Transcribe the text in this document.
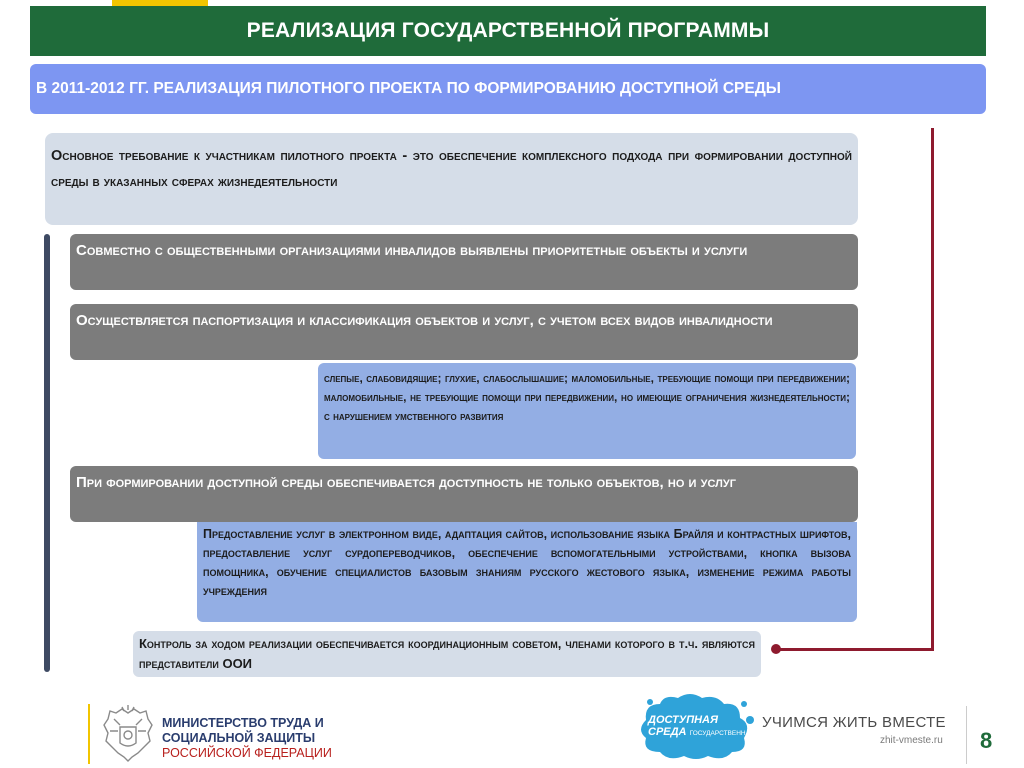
РЕАЛИЗАЦИЯ ГОСУДАРСТВЕННОЙ ПРОГРАММЫ
В 2011-2012 ГГ. РЕАЛИЗАЦИЯ ПИЛОТНОГО ПРОЕКТА ПО ФОРМИРОВАНИЮ ДОСТУПНОЙ СРЕДЫ
Основное требование к участникам пилотного проекта - это обеспечение комплексного подхода при формировании доступной среды в указанных сферах жизнедеятельности
Совместно с общественными организациями инвалидов выявлены приоритетные объекты и услуги
Осуществляется паспортизация и классификация объектов и услуг, с учетом всех видов инвалидности
слепые, слабовидящие; глухие, слабослышашие; маломобильные, требующие помощи при передвижении; маломобильные, не требующие помощи при передвижении, но имеющие ограничения жизнедеятельности; с нарушением умственного развития
При формировании доступной среды обеспечивается доступность не только объектов, но и услуг
Предоставление услуг в электронном виде, адаптация сайтов, использование языка Брайля и контрастных шрифтов, предоставление услуг сурдопереводчиков, обеспечение вспомогательными устройствами, кнопка вызова помощника, обучение специалистов базовым знаниям русского жестового языка, изменение режима работы учреждения
Контроль за ходом реализации обеспечивается координационным советом, членами которого в т.ч. являются представители ООИ
МИНИСТЕРСТВО ТРУДА И
СОЦИАЛЬНОЙ ЗАЩИТЫ
РОССИЙСКОЙ ФЕДЕРАЦИИ
ДОСТУПНАЯ
СРЕДА ГОСУДАРСТВЕННАЯ ПРОГРАММА
УЧИМСЯ ЖИТЬ ВМЕСТЕ
zhit-vmeste.ru 8
